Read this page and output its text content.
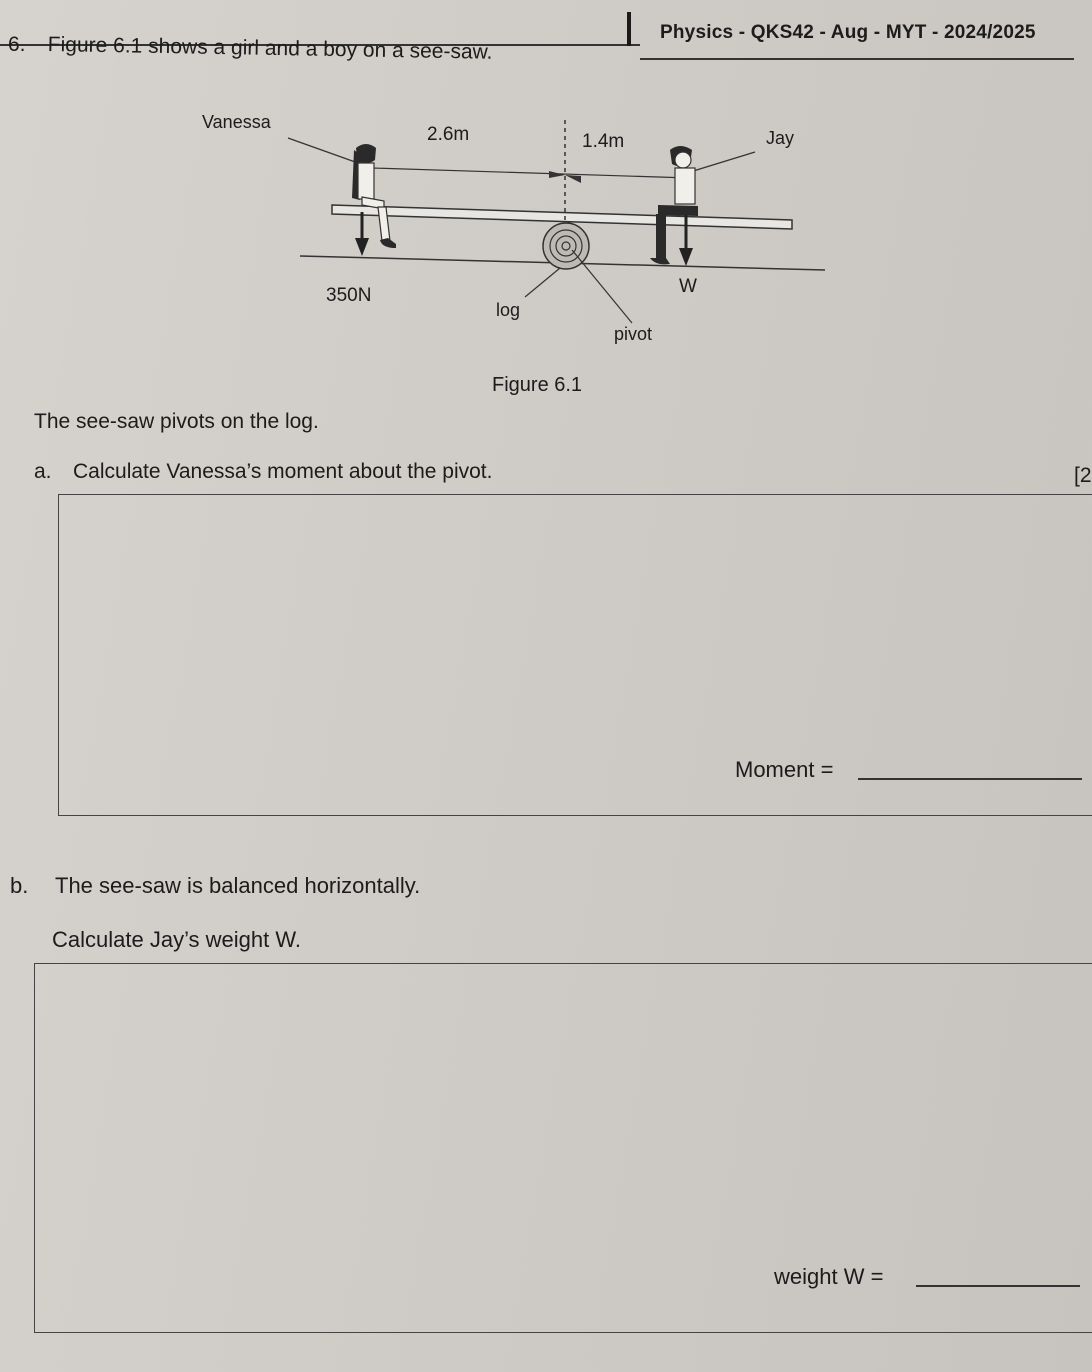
Physics - QKS42 - Aug - MYT - 2024/2025
6. Figure 6.1 shows a girl and a boy on a see-saw.
Vanessa
Jay
2.6m	1.4m
350N	W
log
pivot
Figure 6.1
The see-saw pivots on the log.
a. Calculate Vanessa’s moment about the pivot.	[2
Moment =
b. The see-saw is balanced horizontally.
Calculate Jay’s weight W.
weight W =
